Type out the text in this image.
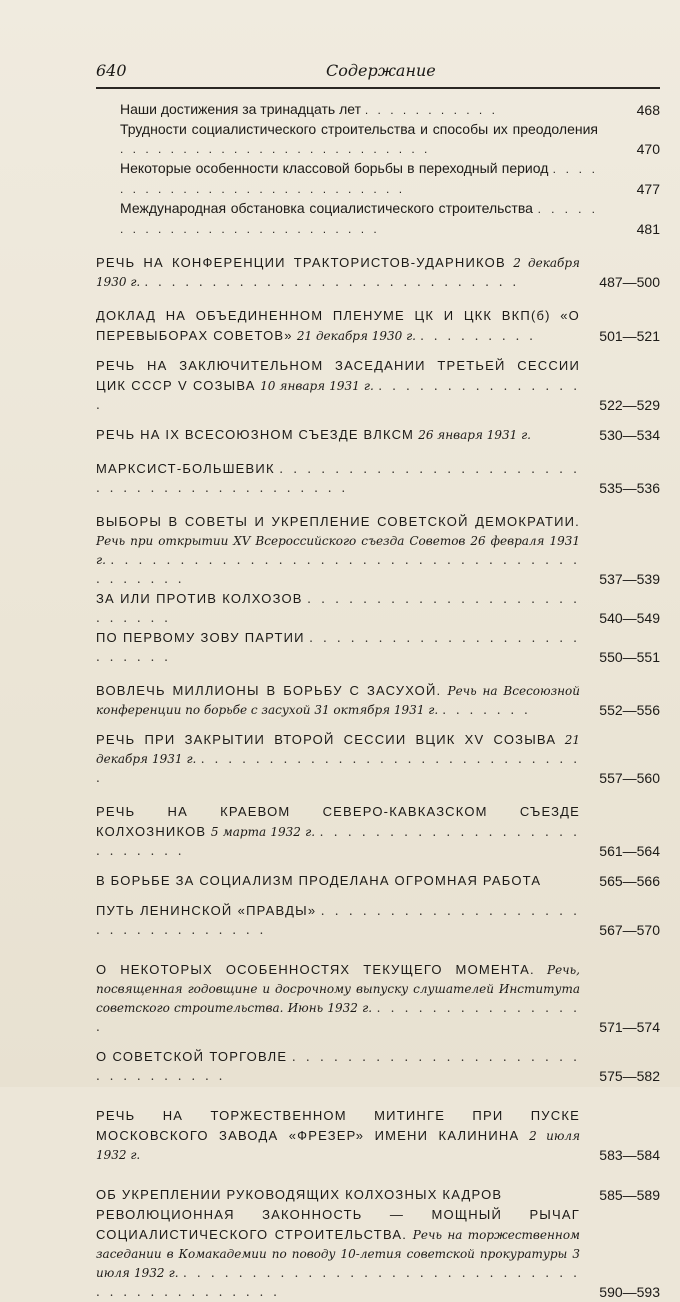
640	Содержание
Наши достижения за тринадцать лет . . . . . . . . . . .	468
Трудности социалистического строительства и способы их преодоления . . . . . . . . . . . . . . . . . . . . . . . . .	470
Некоторые особенности классовой борьбы в переходный период . . . . . . . . . . . . . . . . . . . . . . . . . . .	477
Международная обстановка социалистического строительства . . . . . . . . . . . . . . . . . . . . . . . . . .	481
РЕЧЬ НА КОНФЕРЕНЦИИ ТРАКТОРИСТОВ-УДАРНИКОВ 2 декабря 1930 г. . . . . . . . . . . . . . . . . . . . . . . . . . . . .	487—500
ДОКЛАД НА ОБЪЕДИНЕННОМ ПЛЕНУМЕ ЦК И ЦКК ВКП(б) «О ПЕРЕВЫБОРАХ СОВЕТОВ» 21 декабря 1930 г. . . . . . . . . .	501—521
РЕЧЬ НА ЗАКЛЮЧИТЕЛЬНОМ ЗАСЕДАНИИ ТРЕТЬЕЙ СЕССИИ ЦИК СССР V СОЗЫВА 10 января 1931 г. . . . . . . . . . . . . . . . .	522—529
РЕЧЬ НА IX ВСЕСОЮЗНОМ СЪЕЗДЕ ВЛКСМ 26 января 1931 г.	530—534
МАРКСИСТ-БОЛЬШЕВИК . . . . . . . . . . . . . . . . . . . . . . . . . . . . . . . . . . . . . . . . .	535—536
ВЫБОРЫ В СОВЕТЫ И УКРЕПЛЕНИЕ СОВЕТСКОЙ ДЕМОКРАТИИ. Речь при открытии XV Всероссийского съезда Советов 26 февраля 1931 г. . . . . . . . . . . . . . . . . . . . . . . . . . . . . . . . . . . . . . . . . .	537—539
ЗА ИЛИ ПРОТИВ КОЛХОЗОВ . . . . . . . . . . . . . . . . . . . . . . . . . .	540—549
ПО ПЕРВОМУ ЗОВУ ПАРТИИ . . . . . . . . . . . . . . . . . . . . . . . . . .	550—551
ВОВЛЕЧЬ МИЛЛИОНЫ В БОРЬБУ С ЗАСУХОЙ. Речь на Всесоюзной конференции по борьбе с засухой 31 октября 1931 г. . . . . . . .	552—556
РЕЧЬ ПРИ ЗАКРЫТИИ ВТОРОЙ СЕССИИ ВЦИК XV СОЗЫВА 21 декабря 1931 г. . . . . . . . . . . . . . . . . . . . . . . . . . . . . .	557—560
РЕЧЬ НА КРАЕВОМ СЕВЕРО-КАВКАЗСКОМ СЪЕЗДЕ КОЛХОЗНИКОВ 5 марта 1932 г. . . . . . . . . . . . . . . . . . . . . . . . . . .	561—564
В БОРЬБЕ ЗА СОЦИАЛИЗМ ПРОДЕЛАНА ОГРОМНАЯ РАБОТА	565—566
ПУТЬ ЛЕНИНСКОЙ «ПРАВДЫ» . . . . . . . . . . . . . . . . . . . . . . . . . . . . . . . .	567—570
О НЕКОТОРЫХ ОСОБЕННОСТЯХ ТЕКУЩЕГО МОМЕНТА. Речь, посвященная годовщине и досрочному выпуску слушателей Института советского строительства. Июнь 1932 г. . . . . . . . . . . . . . . . .	571—574
О СОВЕТСКОЙ ТОРГОВЛЕ . . . . . . . . . . . . . . . . . . . . . . . . . . . . . . .	575—582
РЕЧЬ НА ТОРЖЕСТВЕННОМ МИТИНГЕ ПРИ ПУСКЕ МОСКОВСКОГО ЗАВОДА «ФРЕЗЕР» ИМЕНИ КАЛИНИНА 2 июля 1932 г.	583—584
ОБ УКРЕПЛЕНИИ РУКОВОДЯЩИХ КОЛХОЗНЫХ КАДРОВ	585—589
РЕВОЛЮЦИОННАЯ ЗАКОННОСТЬ — МОЩНЫЙ РЫЧАГ СОЦИАЛИСТИЧЕСКОГО СТРОИТЕЛЬСТВА. Речь на торжественном заседании в Комакадемии по поводу 10-летия советской прокуратуры 3 июля 1932 г. . . . . . . . . . . . . . . . . . . . . . . . . . . . . . . . . . . . . . . . . . . .	590—593
